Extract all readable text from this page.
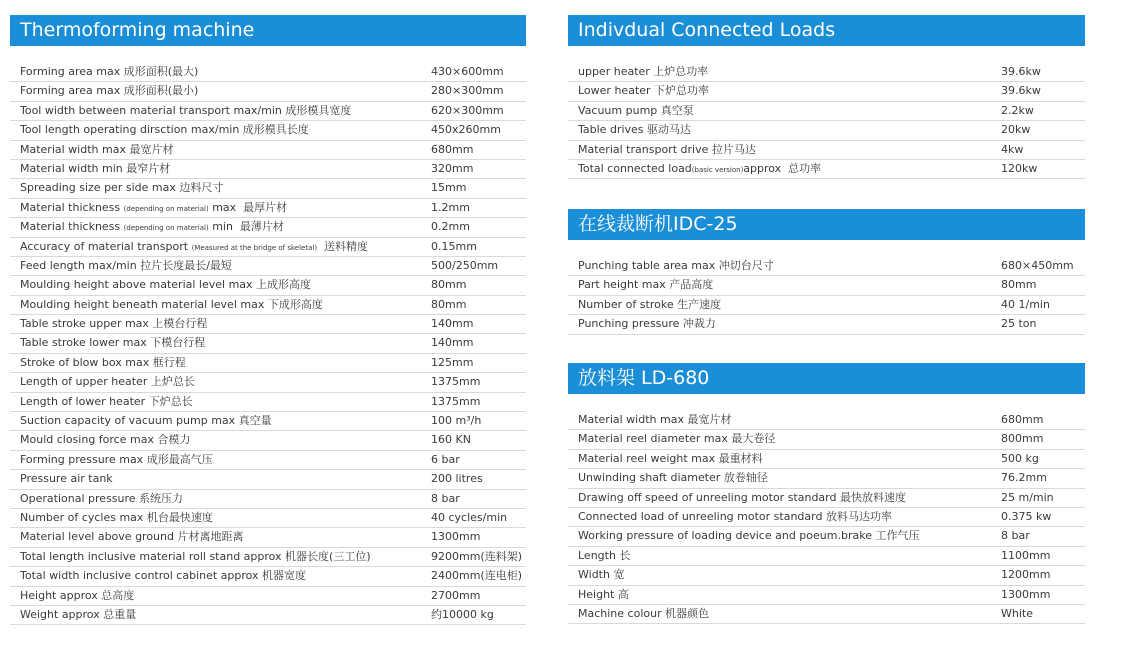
Thermoforming machine
Forming area max 成形面积(最大)	430×600mm
Forming area max 成形面积(最小)	280×300mm
Tool width between material transport max/min 成形模具宽度	620×300mm
Tool length operating dirsction max/min 成形模具长度	450x260mm
Material width max 最宽片材	680mm
Material width min 最窄片材	320mm
Spreading size per side max 边料尺寸	15mm
Material thickness (depending on material) max  最厚片材	1.2mm
Material thickness (depending on material) min  最薄片材	0.2mm
Accuracy of material transport (Measured at the bridge of skeletal)  送料精度	0.15mm
Feed length max/min 拉片长度最长/最短	500/250mm
Moulding height above material level max 上成形高度	80mm
Moulding height beneath material level max 下成形高度	80mm
Table stroke upper max 上模台行程	140mm
Table stroke lower max 下模台行程	140mm
Stroke of blow box max 框行程	125mm
Length of upper heater 上炉总长	1375mm
Length of lower heater 下炉总长	1375mm
Suction capacity of vacuum pump max 真空量	100 m³/h
Mould closing force max 合模力	160 KN
Forming pressure max 成形最高气压	6 bar
Pressure air tank	200 litres
Operational pressure 系统压力	8 bar
Number of cycles max 机台最快速度	40 cycles/min
Material level above ground 片材离地距离	1300mm
Total length inclusive material roll stand approx 机器长度(三工位)	9200mm(连料架)
Total width inclusive control cabinet approx 机器宽度	2400mm(连电柜)
Height approx 总高度	2700mm
Weight approx 总重量	约10000 kg
Indivdual Connected Loads
upper heater 上炉总功率	39.6kw
Lower heater 下炉总功率	39.6kw
Vacuum pump 真空泵	2.2kw
Table drives 驱动马达	20kw
Material transport drive 拉片马达	4kw
Total connected load(basic version)approx  总功率	120kw
在线裁断机IDC-25
Punching table area max 冲切台尺寸	680×450mm
Part height max 产品高度	80mm
Number of stroke 生产速度	40 1/min
Punching pressure 冲裁力	25 ton
放料架 LD-680
Material width max 最宽片材	680mm
Material reel diameter max 最大卷径	800mm
Material reel weight max 最重材料	500 kg
Unwinding shaft diameter 放卷轴径	76.2mm
Drawing off speed of unreeling motor standard 最快放料速度	25 m/min
Connected load of unreeling motor standard 放料马达功率	0.375 kw
Working pressure of loading device and poeum.brake 工作气压	8 bar
Length 长	1100mm
Width 宽	1200mm
Height 高	1300mm
Machine colour 机器颜色	White
